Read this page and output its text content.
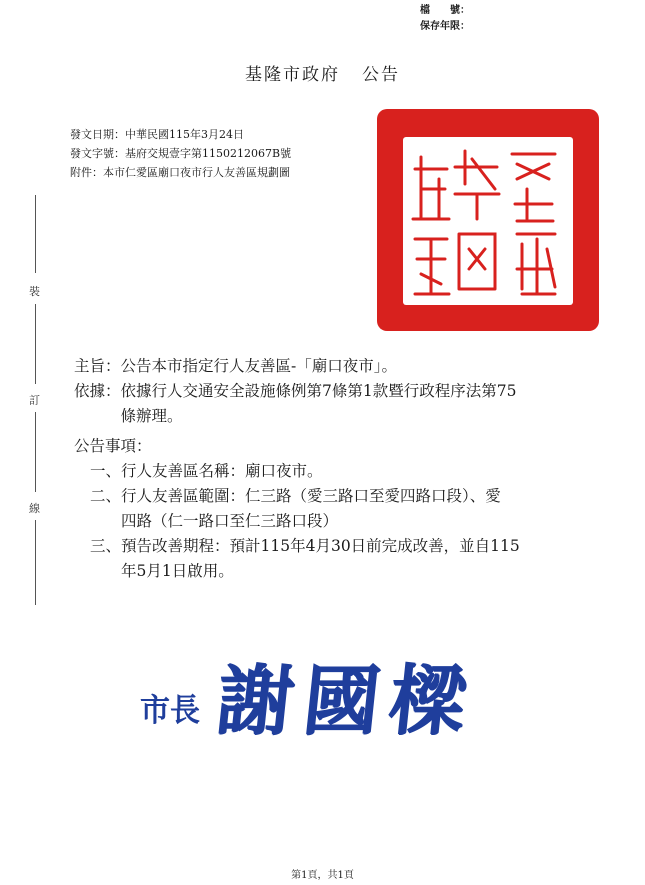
檔　　號：
保存年限：
基隆市政府 公告
發文日期：中華民國115年3月24日
發文字號：基府交規壹字第1150212067B號
附件：本市仁愛區廟口夜市行人友善區規劃圖
裝
訂
線
主旨： 公告本市指定行人友善區-「廟口夜市」。
依據： 依據行人交通安全設施條例第7條第1款暨行政程序法第75
條辦理。
公告事項：
一、 行人友善區名稱：廟口夜市。
二、 行人友善區範圍：仁三路（愛三路口至愛四路口段）、愛
四路（仁一路口至仁三路口段）
三、 預告改善期程：預計115年4月30日前完成改善，並自115
年5月1日啟用。
市長 謝國樑
第1頁，共1頁
